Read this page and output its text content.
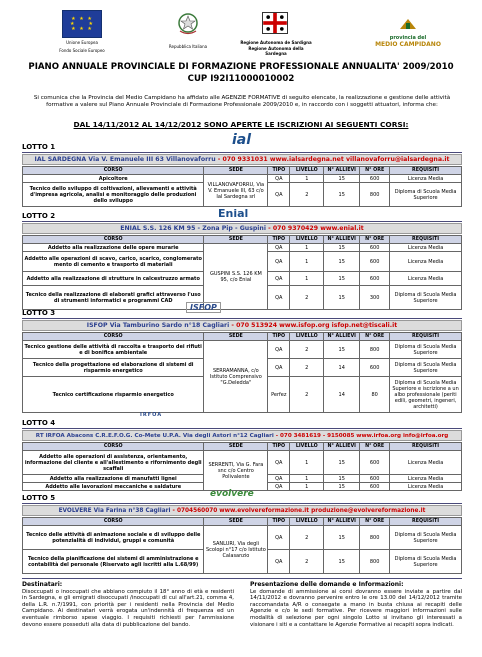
★ ★ ★
★     ★
★ ★ ★
Unione Europea
Fondo Sociale Europeo
Repubblica Italiana
Regione Autonoma de Sardigna
Regione Autonoma della Sardegna
provincia del
MEDIO CAMPIDANO
PIANO ANNUALE PROVINCIALE DI FORMAZIONE PROFESSIONALE ANNUALITA' 2009/2010
CUP I92I11000010002
Si comunica che la Provincia del Medio Campidano ha affidato alle AGENZIE FORMATIVE di seguito elencate, la realizzazione e gestione delle attività formative a valere sul Piano Annuale Provinciale di Formazione Professionale 2009/2010 e, in raccordo con i soggetti attuatori, informa che:
DAL 14/11/2012 AL 14/12/2012 SONO APERTE LE ISCRIZIONI AI SEGUENTI CORSI:
LOTTO 1	ial
IAL SARDEGNA Via V. Emanuele III 63 Villanovaforru - 070 9331031 www.ialsardegna.net villanovaforru@ialsardegna.it
CORSO	SEDE	TIPO	LIVELLO	N° ALLIEVI	N° ORE	REQUISITI
Apicoltore	VILLANOVAFORRU, Via V. Emanuele III, 63 c/o Ial Sardegna srl	QA	1	15	600	Licenza Media
Tecnico dello sviluppo di coltivazioni, allevamenti e attività d'impresa agricola, analisi e monitoraggio delle produzioni dello sviluppo		QA	2	15	800	Diploma di Scuola Media Superiore
LOTTO 2	Enial
ENIAL S.S. 126 KM 95 - Zona Pip - Guspini - 070 9370429 www.enial.it
CORSO	SEDE	TIPO	LIVELLO	N° ALLIEVI	N° ORE	REQUISITI
Addetto alla realizzazione delle opere murarie	GUSPINI S.S. 126 KM 95, c/o Enial	QA	1	15	600	Licenza Media
Addetto alle operazioni di scavo, carico, scarico, conglomerato mento di cemento e trasporto di materiali		QA	1	15	600	Licenza Media
Addetto alla realizzazione di strutture in calcestruzzo armato		QA	1	15	600	Licenza Media
Tecnico della realizzazione di elaborati grafici attraverso l'uso di strumenti informatici e programmi CAD		QA	2	15	300	Diploma di Scuola Media Superiore
LOTTO 3
ISFOP
ISFOP Via Tamburino Sardo n°18 Cagliari - 070 513924 www.isfop.org isfop.net@tiscali.it
CORSO	SEDE	TIPO	LIVELLO	N° ALLIEVI	N° ORE	REQUISITI
Tecnico gestione delle attività di raccolta e trasporto dei rifiuti e di bonifica ambientale	SERRAMANNA, c/o Istituto Comprensivo "G.Deledda"	QA	2	15	800	Diploma di Scuola Media Superiore
Tecnico della progettazione ed elaborazione di sistemi di risparmio energetico		QA	2	14	600	Diploma di Scuola Media Superiore
Tecnico certificazione risparmio energetico		Perfez	2	14	80	Diploma di Scuola Media Superiore e iscrizione a un albo professionale (periti edili, geometri, ingeneri, architetti)
LOTTO 4
IRFOA
RT IRFOA Abacons C.R.E.F.O.G. Co-Mete U.P.A. Via degli Astori n°12 Cagliari - 070 3481619 - 9150085 www.irfoa.org info@irfoa.org
CORSO	SEDE	TIPO	LIVELLO	N° ALLIEVI	N° ORE	REQUISITI
Addetto alle operazioni di assistenza, orientamento, informazione del cliente e all'allestimento e rifornimento degli scaffali	SERRENTI, Via G. Fara snc c/o Centro Polivalente	QA	1	15	600	Licenza Media
Addetto alla realizzazione di manufatti lignei		QA	1	15	600	Licenza Media
Addetto alle lavorazioni meccaniche e saldature		QA	1	15	600	Licenza Media
LOTTO 5	evolvere
EVOLVERE Via Farina n°38 Cagliari - 0704560070 www.evolvereformazione.it produzione@evolvereformazione.it
CORSO	SEDE	TIPO	LIVELLO	N° ALLIEVI	N° ORE	REQUISITI
Tecnico delle attività di animazione sociale e di sviluppo delle potenzialità di individui, gruppi e comunità	SANLURI, Via degli Scolopi n°17 c/o Istituto Calasanzio	QA	2	15	800	Diploma di Scuola Media Superiore
Tecnico della pianificazione dei sistemi di amministrazione e contabilità del personale (Riservato agli iscritti alla L.68/99)		QA	2	15	800	Diploma di Scuola Media Superiore
Destinatari:

Disoccupati o inoccupati che abbiano compiuto il 18° anno di età e residenti in Sardegna, e gli emigrati disoccupati /inoccupati di cui all'art.21, comma 4, della L.R. n.7/1991, con priorità per i residenti nella Provincia del Medio Campidano. Ai destinatari verrà erogata un'indennità di frequenza ed un eventuale rimborso spese viaggio. I requisiti richiesti per l'ammissione devono essere posseduti alla data di pubblicazione del bando.

Presentazione delle domande e Informazioni:

Le domande di ammissione ai corsi dovranno essere inviate a partire dal 14/11/2012 e dovranno pervenire entro le ore 13.00 del 14/12/2012 tramite raccomandata A/R o consegate a mano in busta chiusa ai recapiti delle Agenzie e c/o le sedi formative. Per ricevere maggiori informazioni sulle modalità di selezione per ogni singolo Lotto si invitano gli interessati a visionare i siti e a contattare le Agenzie Formative ai recapiti sopra indicati.
